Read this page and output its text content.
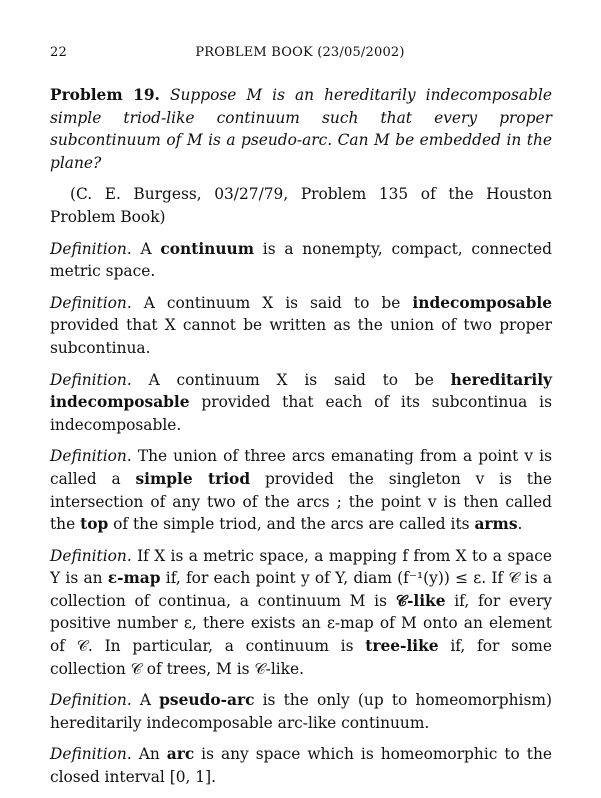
22	PROBLEM BOOK (23/05/2002)

Problem 19. Suppose M is an hereditarily indecomposable simple triod-like continuum such that every proper subcontinuum of M is a pseudo-arc. Can M be embedded in the plane?

(C. E. Burgess, 03/27/79, Problem 135 of the Houston Problem Book)

Definition. A continuum is a nonempty, compact, connected metric space.

Definition. A continuum X is said to be indecomposable provided that X cannot be written as the union of two proper subcontinua.

Definition. A continuum X is said to be hereditarily indecomposable provided that each of its subcontinua is indecomposable.

Definition. The union of three arcs emanating from a point v is called a simple triod provided the singleton v is the intersection of any two of the arcs ; the point v is then called the top of the simple triod, and the arcs are called its arms.

Definition. If X is a metric space, a mapping f from X to a space Y is an ε-map if, for each point y of Y, diam (f⁻¹(y)) ≤ ε. If 𝒞 is a collection of continua, a continuum M is 𝒞-like if, for every positive number ε, there exists an ε-map of M onto an element of 𝒞. In particular, a continuum is tree-like if, for some collection 𝒞 of trees, M is 𝒞-like.

Definition. A pseudo-arc is the only (up to homeomorphism) hereditarily indecomposable arc-like continuum.

Definition. An arc is any space which is homeomorphic to the closed interval [0, 1].
